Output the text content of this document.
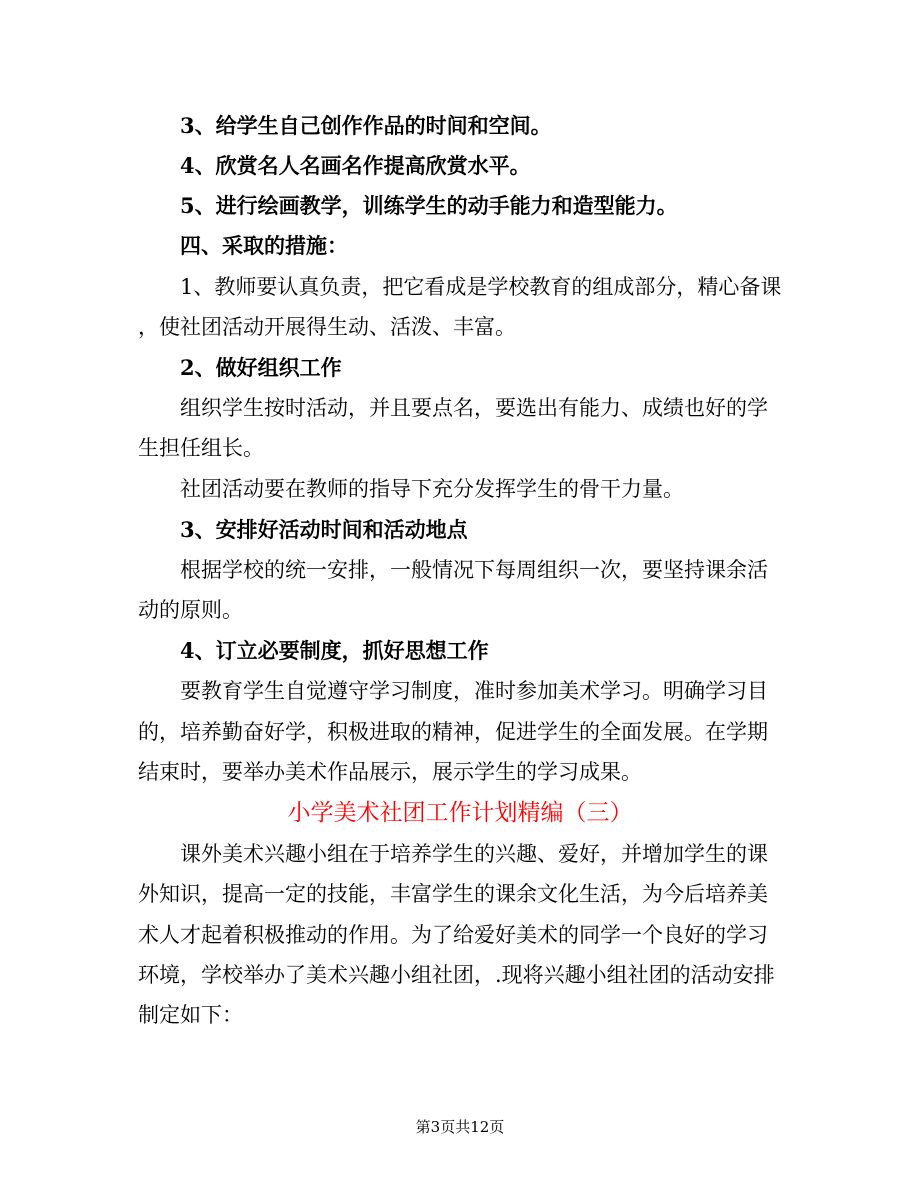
3、给学生自己创作作品的时间和空间。
4、欣赏名人名画名作提高欣赏水平。
5、进行绘画教学，训练学生的动手能力和造型能力。
四、采取的措施：
1、教师要认真负责，把它看成是学校教育的组成部分，精心备课
，使社团活动开展得生动、活泼、丰富。
2、做好组织工作
组织学生按时活动，并且要点名，要选出有能力、成绩也好的学
生担任组长。
社团活动要在教师的指导下充分发挥学生的骨干力量。
3、安排好活动时间和活动地点
根据学校的统一安排，一般情况下每周组织一次，要坚持课余活
动的原则。
4、订立必要制度，抓好思想工作
要教育学生自觉遵守学习制度，准时参加美术学习。明确学习目
的，培养勤奋好学，积极进取的精神，促进学生的全面发展。在学期
结束时，要举办美术作品展示，展示学生的学习成果。
小学美术社团工作计划精编（三）
课外美术兴趣小组在于培养学生的兴趣、爱好，并增加学生的课
外知识，提高一定的技能，丰富学生的课余文化生活，为今后培养美
术人才起着积极推动的作用。为了给爱好美术的同学一个良好的学习
环境，学校举办了美术兴趣小组社团，.现将兴趣小组社团的活动安排
制定如下：
第3页共12页
